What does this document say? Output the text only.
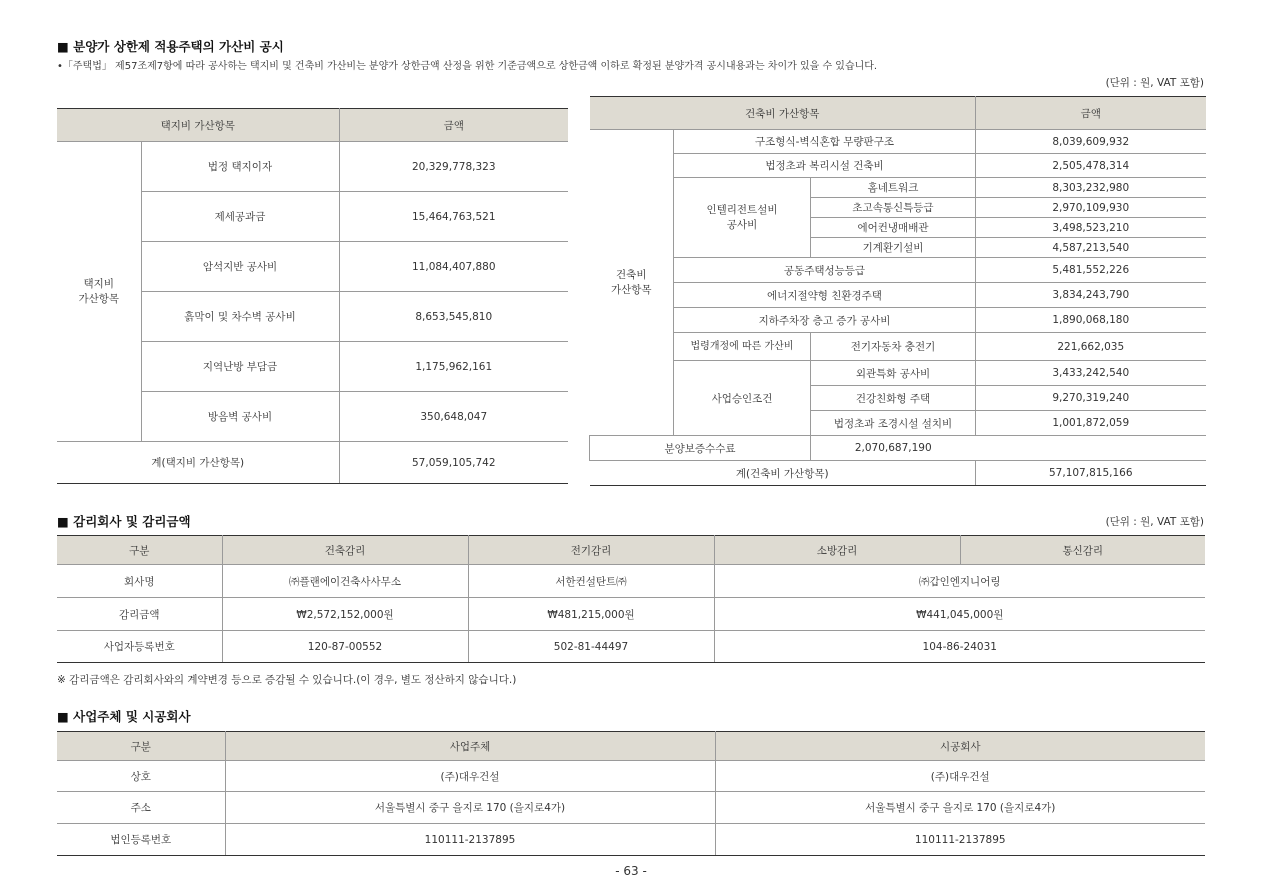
■ 분양가 상한제 적용주택의 가산비 공시
•「주택법」 제57조제7항에 따라 공사하는 택지비 및 건축비 가산비는 분양가 상한금액 산정을 위한 기준금액으로 상한금액 이하로 확정된 분양가격 공시내용과는 차이가 있을 수 있습니다.
(단위 : 원, VAT 포함)
택지비 가산항목		금액
택지비
가산항목	법정 택지이자	20,329,778,323
	제세공과금	15,464,763,521
	암석지반 공사비	11,084,407,880
	흙막이 및 차수벽 공사비	8,653,545,810
	지역난방 부담금	1,175,962,161
	방음벽 공사비	350,648,047
계(택지비 가산항목)		57,059,105,742
건축비 가산항목			금액
건축비
가산항목	구조형식-벽식혼합 무량판구조		8,039,609,932
	법정초과 복리시설 건축비		2,505,478,314
	인텔리전트설비
공사비	홈네트워크	8,303,232,980
		초고속통신특등급	2,970,109,930
		에어컨냉매배관	3,498,523,210
		기계환기설비	4,587,213,540
	공동주택성능등급		5,481,552,226
	에너지절약형 친환경주택		3,834,243,790
	지하주차장 층고 증가 공사비		1,890,068,180
	법령개정에 따른 가산비	전기자동차 충전기	221,662,035
	사업승인조건	외관특화 공사비	3,433,242,540
		건강친화형 주택	9,270,319,240
		법정초과 조경시설 설치비	1,001,872,059
분양보증수수료		2,070,687,190	
계(건축비 가산항목)			57,107,815,166
■ 감리회사 및 감리금액	(단위 : 원, VAT 포함)
구분	건축감리	전기감리	소방감리	통신감리
회사명	㈜플랜에이건축사사무소	서한컨설탄트㈜	㈜갑인엔지니어링	
감리금액	₩2,572,152,000원	₩481,215,000원	₩441,045,000원	
사업자등록번호	120-87-00552	502-81-44497	104-86-24031	
※ 감리금액은 감리회사와의 계약변경 등으로 증감될 수 있습니다.(이 경우, 별도 정산하지 않습니다.)
■ 사업주체 및 시공회사
구분	사업주체	시공회사
상호	(주)대우건설	(주)대우건설
주소	서울특별시 중구 을지로 170 (을지로4가)	서울특별시 중구 을지로 170 (을지로4가)
법인등록번호	110111-2137895	110111-2137895
- 63 -
